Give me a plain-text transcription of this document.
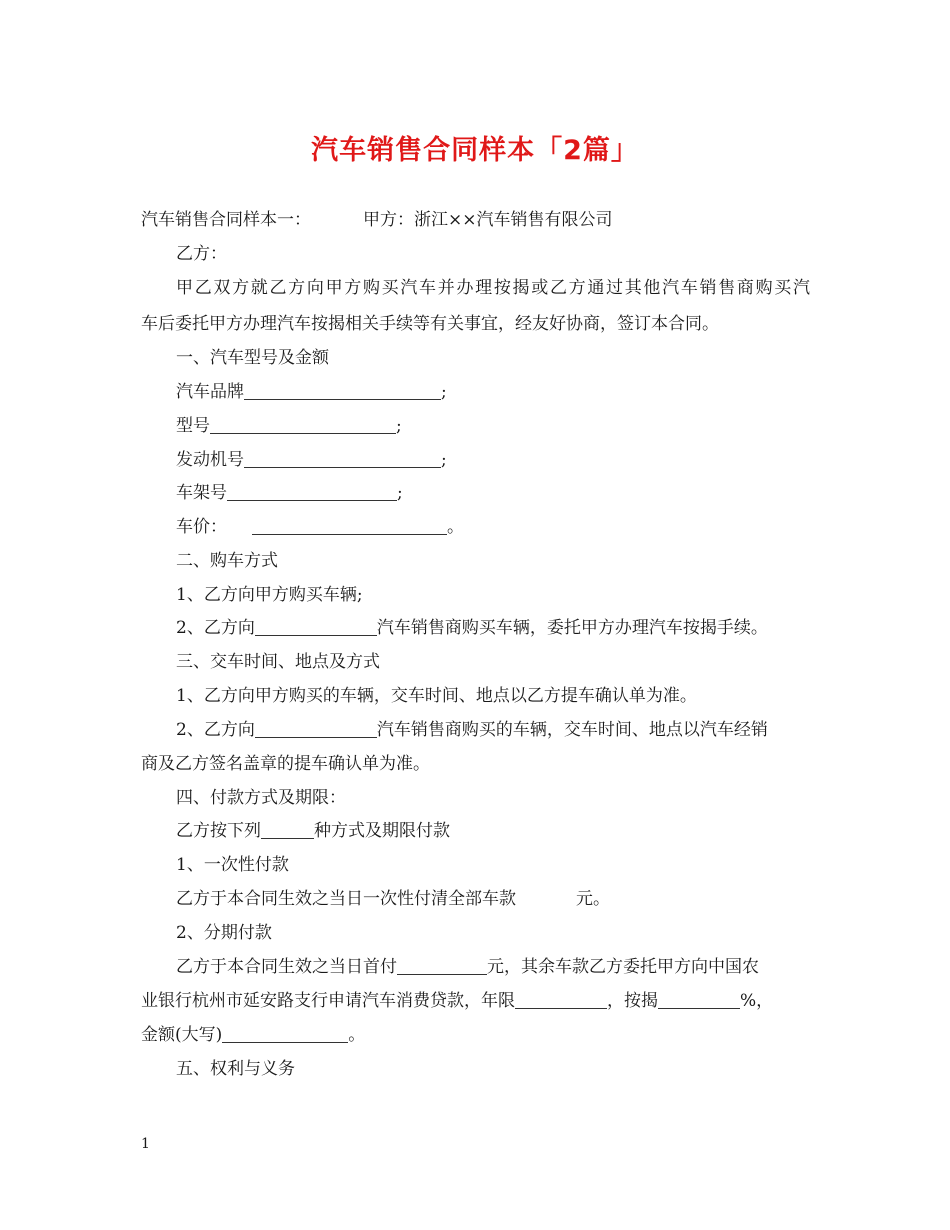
汽车销售合同样本「2篇」
汽车销售合同样本一：	甲方：浙江××汽车销售有限公司
乙方：
甲乙双方就乙方向甲方购买汽车并办理按揭或乙方通过其他汽车销售商购买汽
车后委托甲方办理汽车按揭相关手续等有关事宜，经友好协商，签订本合同。
一、汽车型号及金额
汽车品牌	;
型号	;
发动机号	;
车架号	;
车价：	。
二、购车方式
1、乙方向甲方购买车辆;
2、乙方向	汽车销售商购买车辆，委托甲方办理汽车按揭手续。
三、交车时间、地点及方式
1、乙方向甲方购买的车辆，交车时间、地点以乙方提车确认单为准。
2、乙方向	汽车销售商购买的车辆，交车时间、地点以汽车经销
商及乙方签名盖章的提车确认单为准。
四、付款方式及期限：
乙方按下列	种方式及期限付款
1、一次性付款
乙方于本合同生效之当日一次性付清全部车款	元。
2、分期付款
乙方于本合同生效之当日首付	元，其余车款乙方委托甲方向中国农
业银行杭州市延安路支行申请汽车消费贷款，年限	，按揭	%，
金额(大写)	。
五、权利与义务
1
